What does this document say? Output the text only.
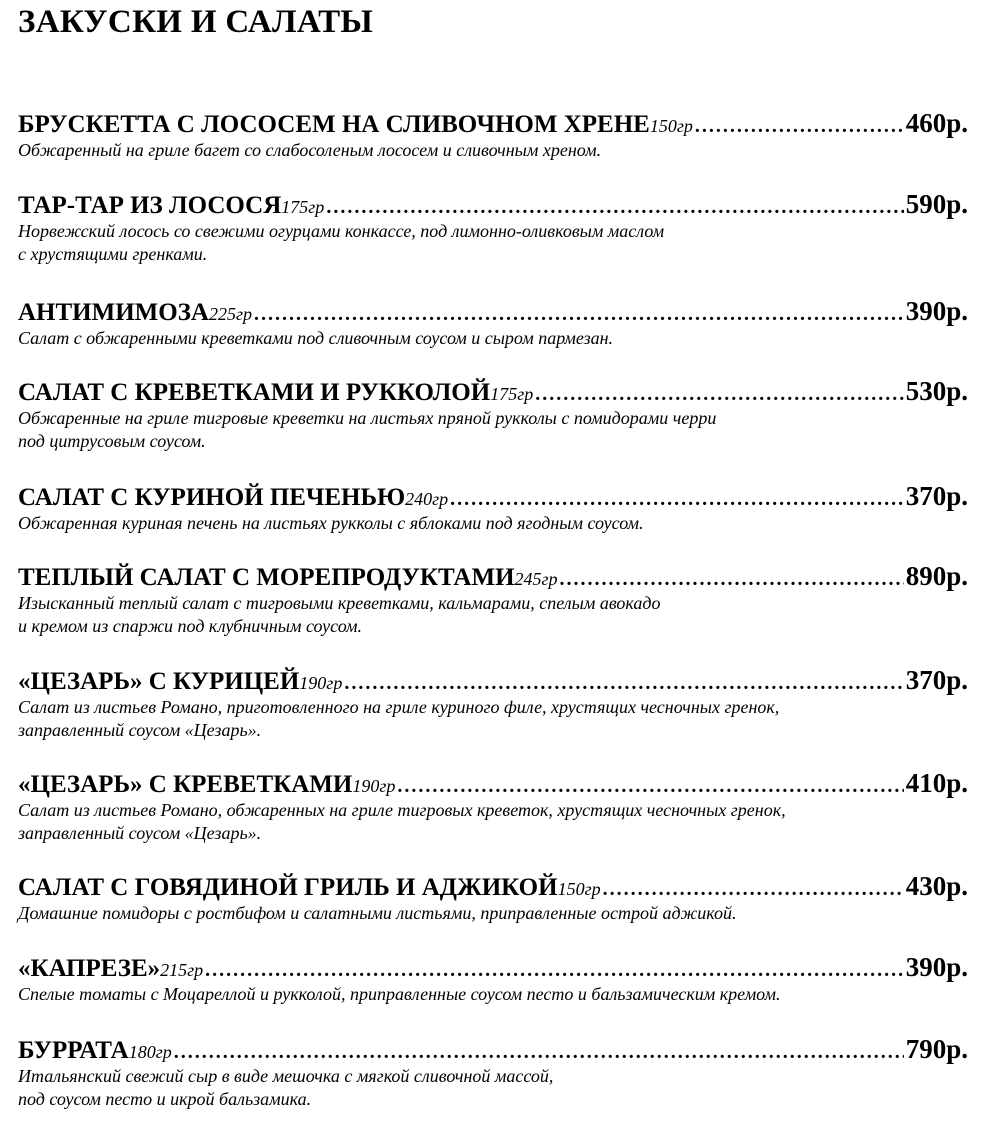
ЗАКУСКИ И САЛАТЫ
БРУСКЕТТА С ЛОСОСЕМ НА СЛИВОЧНОМ ХРЕНЕ 150гр .....	460р.
Обжаренный на гриле багет со слабосоленым лососем и сливочным хреном.
ТАР-ТАР ИЗ ЛОСОСЯ 175гр .....	590р.
Норвежский лосось со свежими огурцами конкассе, под лимонно-оливковым маслом
с хрустящими гренками.
АНТИМИМОЗА 225гр .....	390р.
Салат с обжаренными креветками под сливочным соусом и сыром пармезан.
САЛАТ С КРЕВЕТКАМИ И РУККОЛОЙ 175гр .....	530р.
Обжаренные на гриле тигровые креветки на листьях пряной рукколы с помидорами черри
под цитрусовым соусом.
САЛАТ С КУРИНОЙ ПЕЧЕНЬЮ 240гр .....	370р.
Обжаренная куриная печень на листьях рукколы с яблоками под ягодным соусом.
ТЕПЛЫЙ САЛАТ С МОРЕПРОДУКТАМИ 245гр .....	890р.
Изысканный теплый салат с тигровыми креветками, кальмарами, спелым авокадо
и кремом из спаржи под клубничным соусом.
«ЦЕЗАРЬ» С КУРИЦЕЙ 190гр .....	370р.
Салат из листьев Романо, приготовленного на гриле куриного филе, хрустящих чесночных гренок,
заправленный соусом «Цезарь».
«ЦЕЗАРЬ» С КРЕВЕТКАМИ 190гр .....	410р.
Салат из листьев Романо, обжаренных на гриле тигровых креветок, хрустящих чесночных гренок,
заправленный соусом «Цезарь».
САЛАТ С ГОВЯДИНОЙ ГРИЛЬ И АДЖИКОЙ 150гр .....	430р.
Домашние помидоры с ростбифом и салатными листьями, приправленные острой аджикой.
«КАПРЕЗЕ» 215гр .....	390р.
Спелые томаты с Моцареллой и рукколой, приправленные соусом песто и бальзамическим кремом.
БУРРАТА 180гр .....	790р.
Итальянский свежий сыр в виде мешочка с мягкой сливочной массой,
под соусом песто и икрой бальзамика.
